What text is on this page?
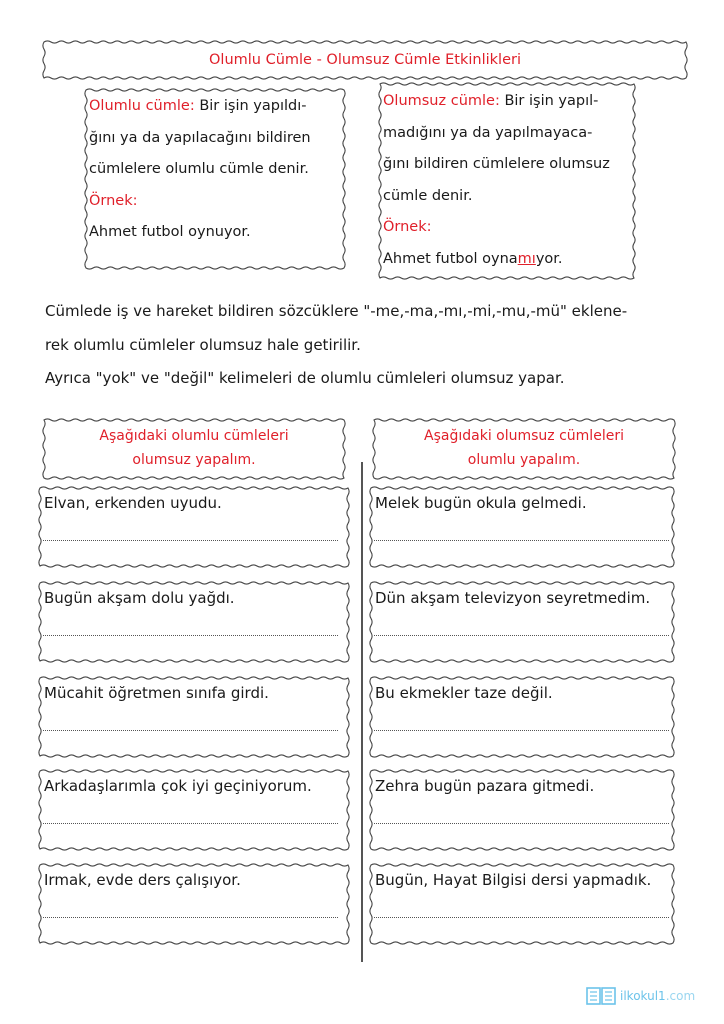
Olumlu Cümle - Olumsuz Cümle Etkinlikleri
Olumlu cümle: Bir işin yapıldı-
ğını ya da yapılacağını bildiren
cümlelere olumlu cümle denir.
Örnek:
Ahmet futbol oynuyor.
Olumsuz cümle: Bir işin yapıl-
madığını ya da yapılmayaca-
ğını bildiren cümlelere olumsuz
cümle denir.
Örnek:
Ahmet futbol oynamıyor.
Cümlede iş ve hareket bildiren sözcüklere "-me,-ma,-mı,-mi,-mu,-mü" eklene-
rek olumlu cümleler olumsuz hale getirilir.
Ayrıca "yok" ve "değil" kelimeleri de olumlu cümleleri olumsuz yapar.
Aşağıdaki olumlu cümleleri
olumsuz yapalım.
Aşağıdaki olumsuz cümleleri
olumlu yapalım.
Elvan, erkenden uyudu.
Bugün akşam dolu yağdı.
Mücahit öğretmen sınıfa girdi.
Arkadaşlarımla çok iyi geçiniyorum.
Irmak, evde ders çalışıyor.
Melek bugün okula gelmedi.
Dün akşam televizyon seyretmedim.
Bu ekmekler taze değil.
Zehra bugün pazara gitmedi.
Bugün, Hayat Bilgisi dersi yapmadık.
ilkokul1.com
